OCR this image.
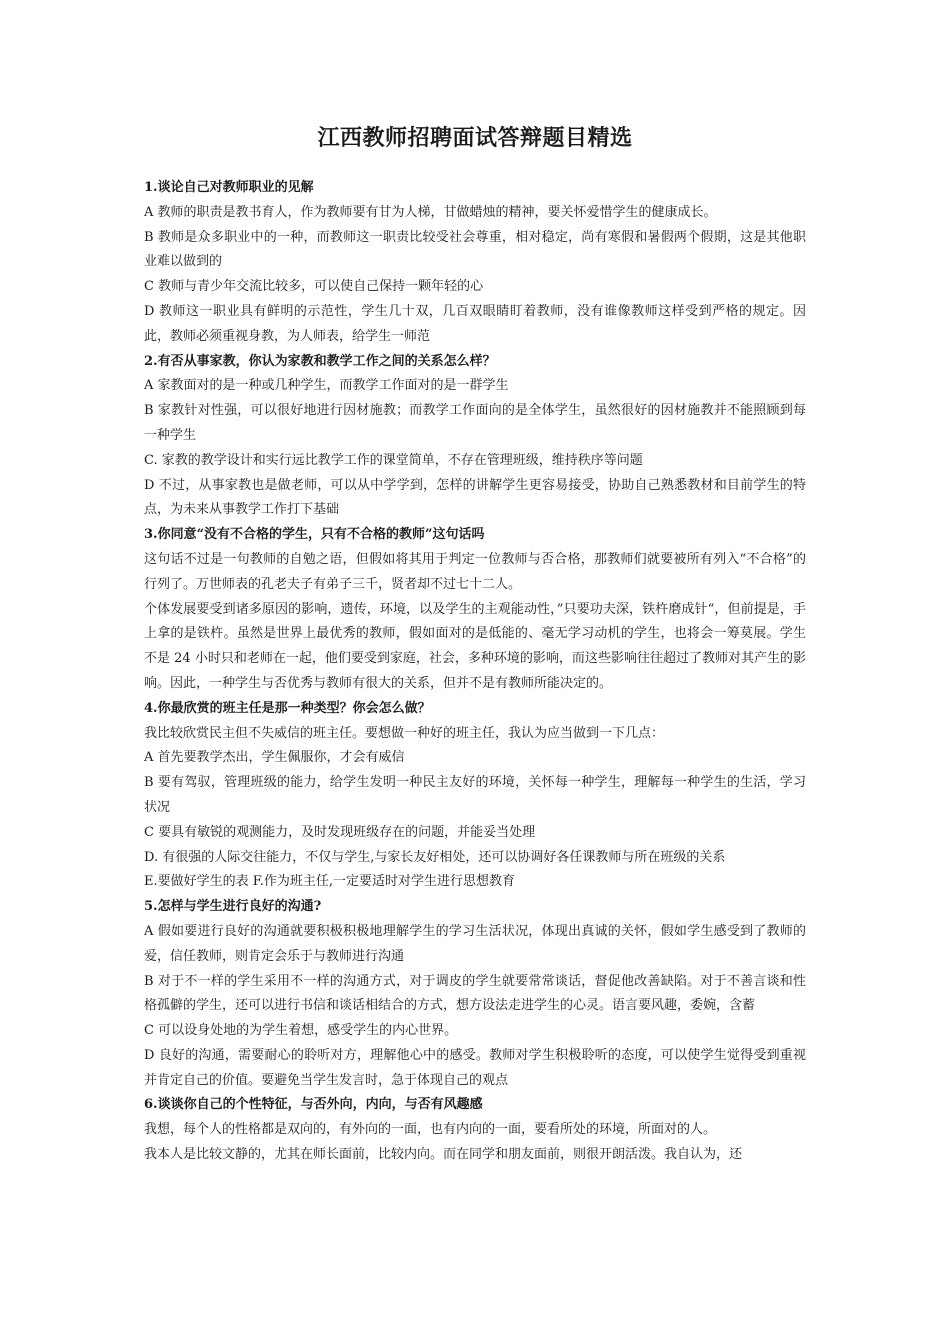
江西教师招聘面试答辩题目精选

1.谈论自己对教师职业的见解

A 教师的职责是教书育人，作为教师要有甘为人梯，甘做蜡烛的精神，要关怀爱惜学生的健康成长。

B 教师是众多职业中的一种，而教师这一职责比较受社会尊重，相对稳定，尚有寒假和暑假两个假期，这是其他职业难以做到的

C 教师与青少年交流比较多，可以使自己保持一颗年轻的心

D 教师这一职业具有鲜明的示范性，学生几十双，几百双眼睛盯着教师，没有谁像教师这样受到严格的规定。因此，教师必须重视身教，为人师表，给学生一师范

2.有否从事家教，你认为家教和教学工作之间的关系怎么样？

A 家教面对的是一种或几种学生，而教学工作面对的是一群学生

B 家教针对性强，可以很好地进行因材施教；而教学工作面向的是全体学生，虽然很好的因材施教并不能照顾到每一种学生

C. 家教的教学设计和实行远比教学工作的课堂简单，不存在管理班级，维持秩序等问题

D 不过，从事家教也是做老师，可以从中学学到，怎样的讲解学生更容易接受，协助自己熟悉教材和目前学生的特点，为未来从事教学工作打下基础

3.你同意“没有不合格的学生，只有不合格的教师”这句话吗

这句话不过是一句教师的自勉之语，但假如将其用于判定一位教师与否合格，那教师们就要被所有列入“不合格”的行列了。万世师表的孔老夫子有弟子三千，贤者却不过七十二人。

个体发展要受到诸多原因的影响，遗传，环境，以及学生的主观能动性，”只要功夫深，铁杵磨成针“，但前提是，手上拿的是铁杵。虽然是世界上最优秀的教师，假如面对的是低能的、毫无学习动机的学生，也将会一筹莫展。学生不是 24 小时只和老师在一起，他们要受到家庭，社会，多种环境的影响，而这些影响往往超过了教师对其产生的影响。因此，一种学生与否优秀与教师有很大的关系，但并不是有教师所能决定的。

4.你最欣赏的班主任是那一种类型？你会怎么做？

我比较欣赏民主但不失威信的班主任。要想做一种好的班主任，我认为应当做到一下几点：

A 首先要教学杰出，学生佩服你，才会有威信

B 要有驾驭，管理班级的能力，给学生发明一种民主友好的环境，关怀每一种学生，理解每一种学生的生活，学习状况

C 要具有敏锐的观测能力，及时发现班级存在的问题，并能妥当处理

D. 有很强的人际交往能力，不仅与学生,与家长友好相处，还可以协调好各任课教师与所在班级的关系

E.要做好学生的表 F.作为班主任,一定要适时对学生进行思想教育

5.怎样与学生进行良好的沟通?

A 假如要进行良好的沟通就要积极积极地理解学生的学习生活状况，体现出真诚的关怀，假如学生感受到了教师的爱，信任教师，则肯定会乐于与教师进行沟通

B 对于不一样的学生采用不一样的沟通方式，对于调皮的学生就要常常谈话，督促他改善缺陷。对于不善言谈和性格孤僻的学生，还可以进行书信和谈话相结合的方式，想方设法走进学生的心灵。语言要风趣，委婉，含蓄

C 可以设身处地的为学生着想，感受学生的内心世界。

D 良好的沟通，需要耐心的聆听对方，理解他心中的感受。教师对学生积极聆听的态度，可以使学生觉得受到重视并肯定自己的价值。要避免当学生发言时，急于体现自己的观点

6.谈谈你自己的个性特征，与否外向，内向，与否有风趣感

我想，每个人的性格都是双向的，有外向的一面，也有内向的一面，要看所处的环境，所面对的人。

我本人是比较文静的，尤其在师长面前，比较内向。而在同学和朋友面前，则很开朗活泼。我自认为，还
